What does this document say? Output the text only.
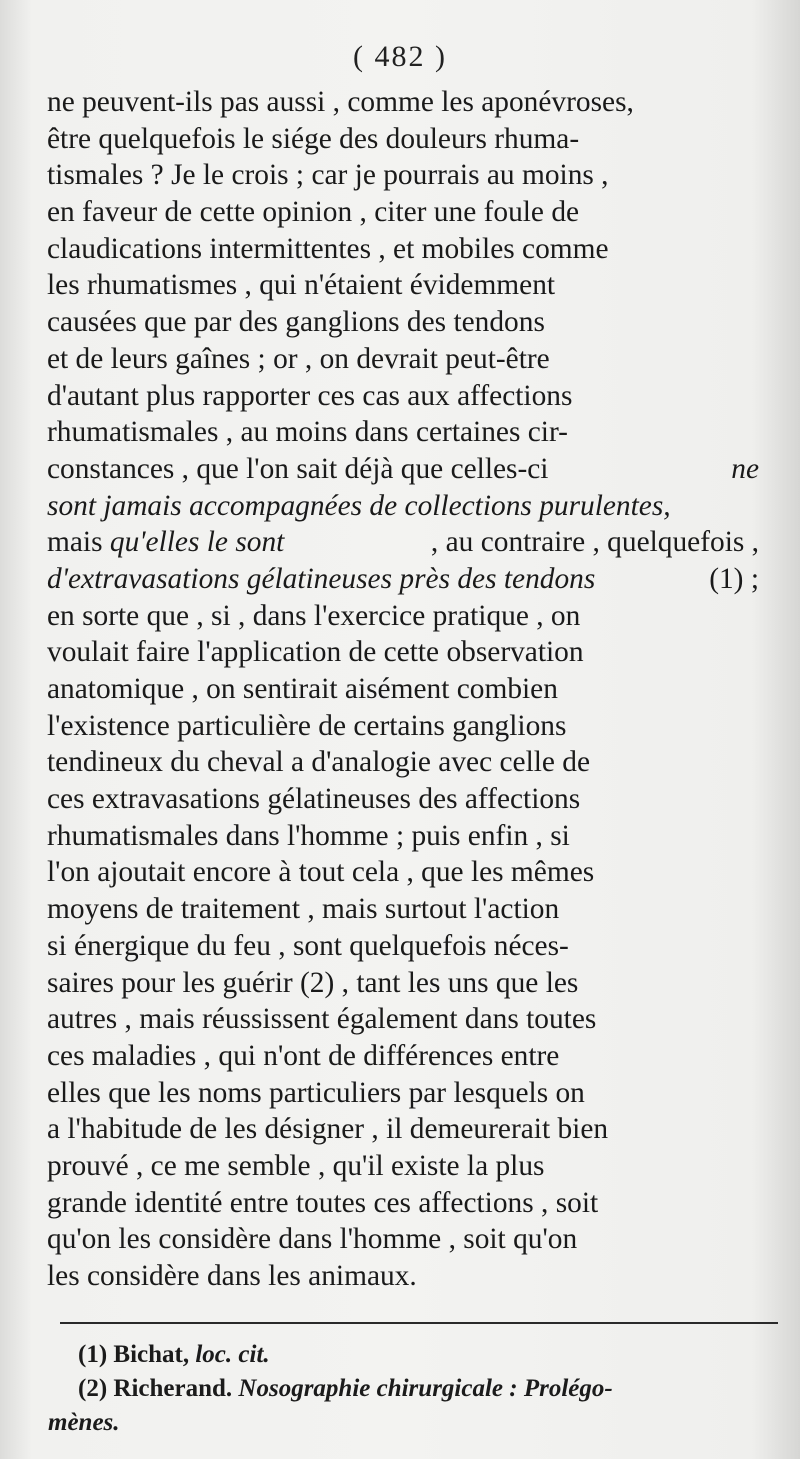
( 482 )
ne peuvent-ils pas aussi , comme les aponévroses,
être quelquefois le siége des douleurs rhuma-
tismales ? Je le crois ; car je pourrais au moins ,
en faveur de cette opinion , citer une foule de
claudications intermittentes , et mobiles comme
les rhumatismes , qui n'étaient évidemment
causées que par des ganglions des tendons
et de leurs gaînes ; or , on devrait peut-être
d'autant plus rapporter ces cas aux affections
rhumatismales , au moins dans certaines cir-
constances , que l'on sait déjà que celles-ci	ne
sont jamais accompagnées de collections purulentes,
mais qu'elles le sont	, au contraire , quelquefois ,
d'extravasations gélatineuses près des tendons	(1) ;
en sorte que , si , dans l'exercice pratique , on
voulait faire l'application de cette observation
anatomique , on sentirait aisément combien
l'existence particulière de certains ganglions
tendineux du cheval a d'analogie avec celle de
ces extravasations gélatineuses des affections
rhumatismales dans l'homme ; puis enfin , si
l'on ajoutait encore à tout cela , que les mêmes
moyens de traitement , mais surtout l'action
si énergique du feu , sont quelquefois néces-
saires pour les guérir (2) , tant les uns que les
autres , mais réussissent également dans toutes
ces maladies , qui n'ont de différences entre
elles que les noms particuliers par lesquels on
a l'habitude de les désigner , il demeurerait bien
prouvé , ce me semble , qu'il existe la plus
grande identité entre toutes ces affections , soit
qu'on les considère dans l'homme , soit qu'on
les considère dans les animaux.
(1) Bichat, loc. cit.
(2) Richerand. Nosographie chirurgicale : Prolégo-
mènes.
